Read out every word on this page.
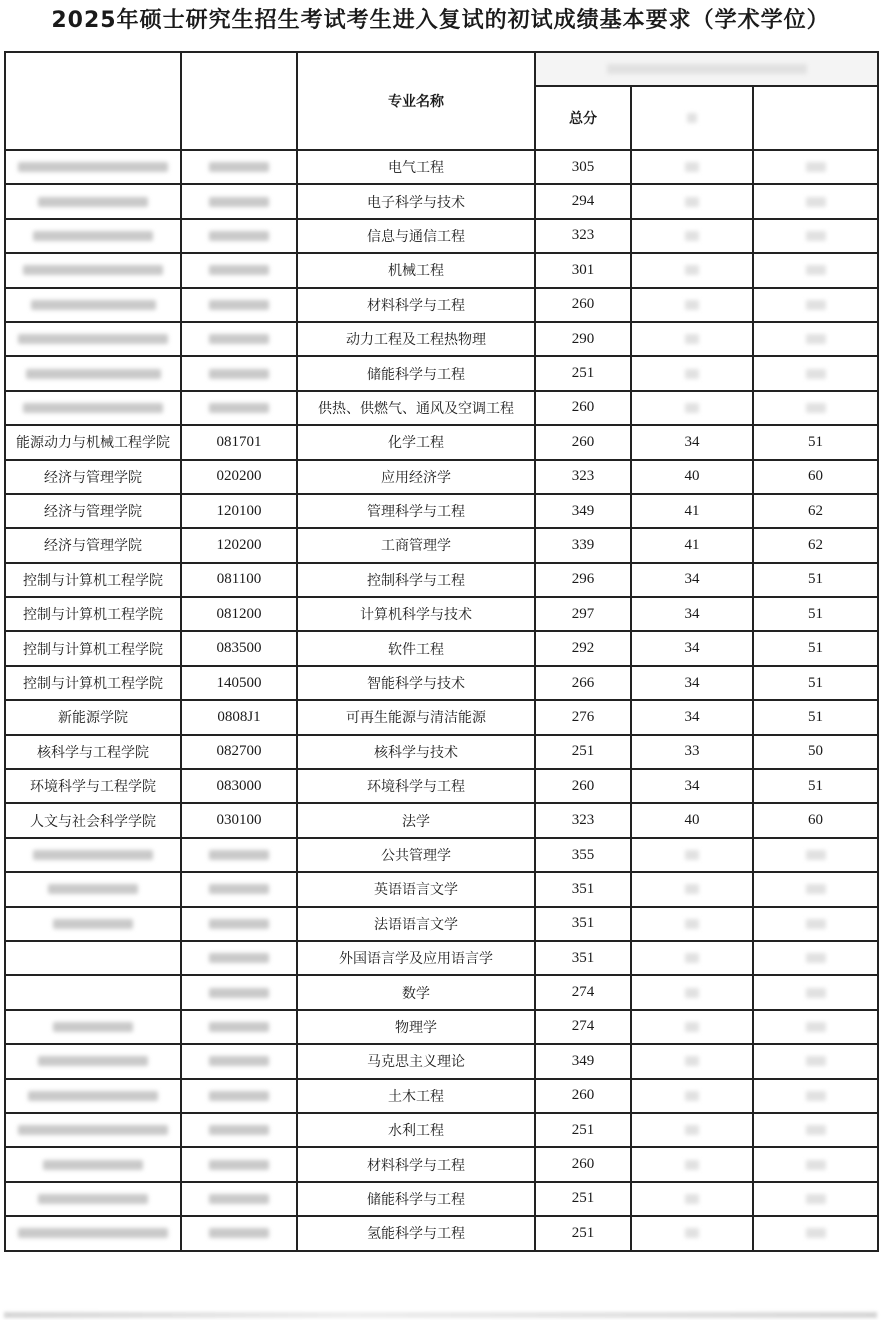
2025年硕士研究生招生考试考生进入复试的初试成绩基本要求（学术学位）
		专业名称			
			总分		
		电气工程	305		
		电子科学与技术	294		
		信息与通信工程	323		
		机械工程	301		
		材料科学与工程	260		
		动力工程及工程热物理	290		
		储能科学与工程	251		
		供热、供燃气、通风及空调工程	260		
能源动力与机械工程学院	081701	化学工程	260	34	51
经济与管理学院	020200	应用经济学	323	40	60
经济与管理学院	120100	管理科学与工程	349	41	62
经济与管理学院	120200	工商管理学	339	41	62
控制与计算机工程学院	081100	控制科学与工程	296	34	51
控制与计算机工程学院	081200	计算机科学与技术	297	34	51
控制与计算机工程学院	083500	软件工程	292	34	51
控制与计算机工程学院	140500	智能科学与技术	266	34	51
新能源学院	0808J1	可再生能源与清洁能源	276	34	51
核科学与工程学院	082700	核科学与技术	251	33	50
环境科学与工程学院	083000	环境科学与工程	260	34	51
人文与社会科学学院	030100	法学	323	40	60
		公共管理学	355		
		英语语言文学	351		
		法语语言文学	351		
		外国语言学及应用语言学	351		
		数学	274		
		物理学	274		
		马克思主义理论	349		
		土木工程	260		
		水利工程	251		
		材料科学与工程	260		
		储能科学与工程	251		
		氢能科学与工程	251		
